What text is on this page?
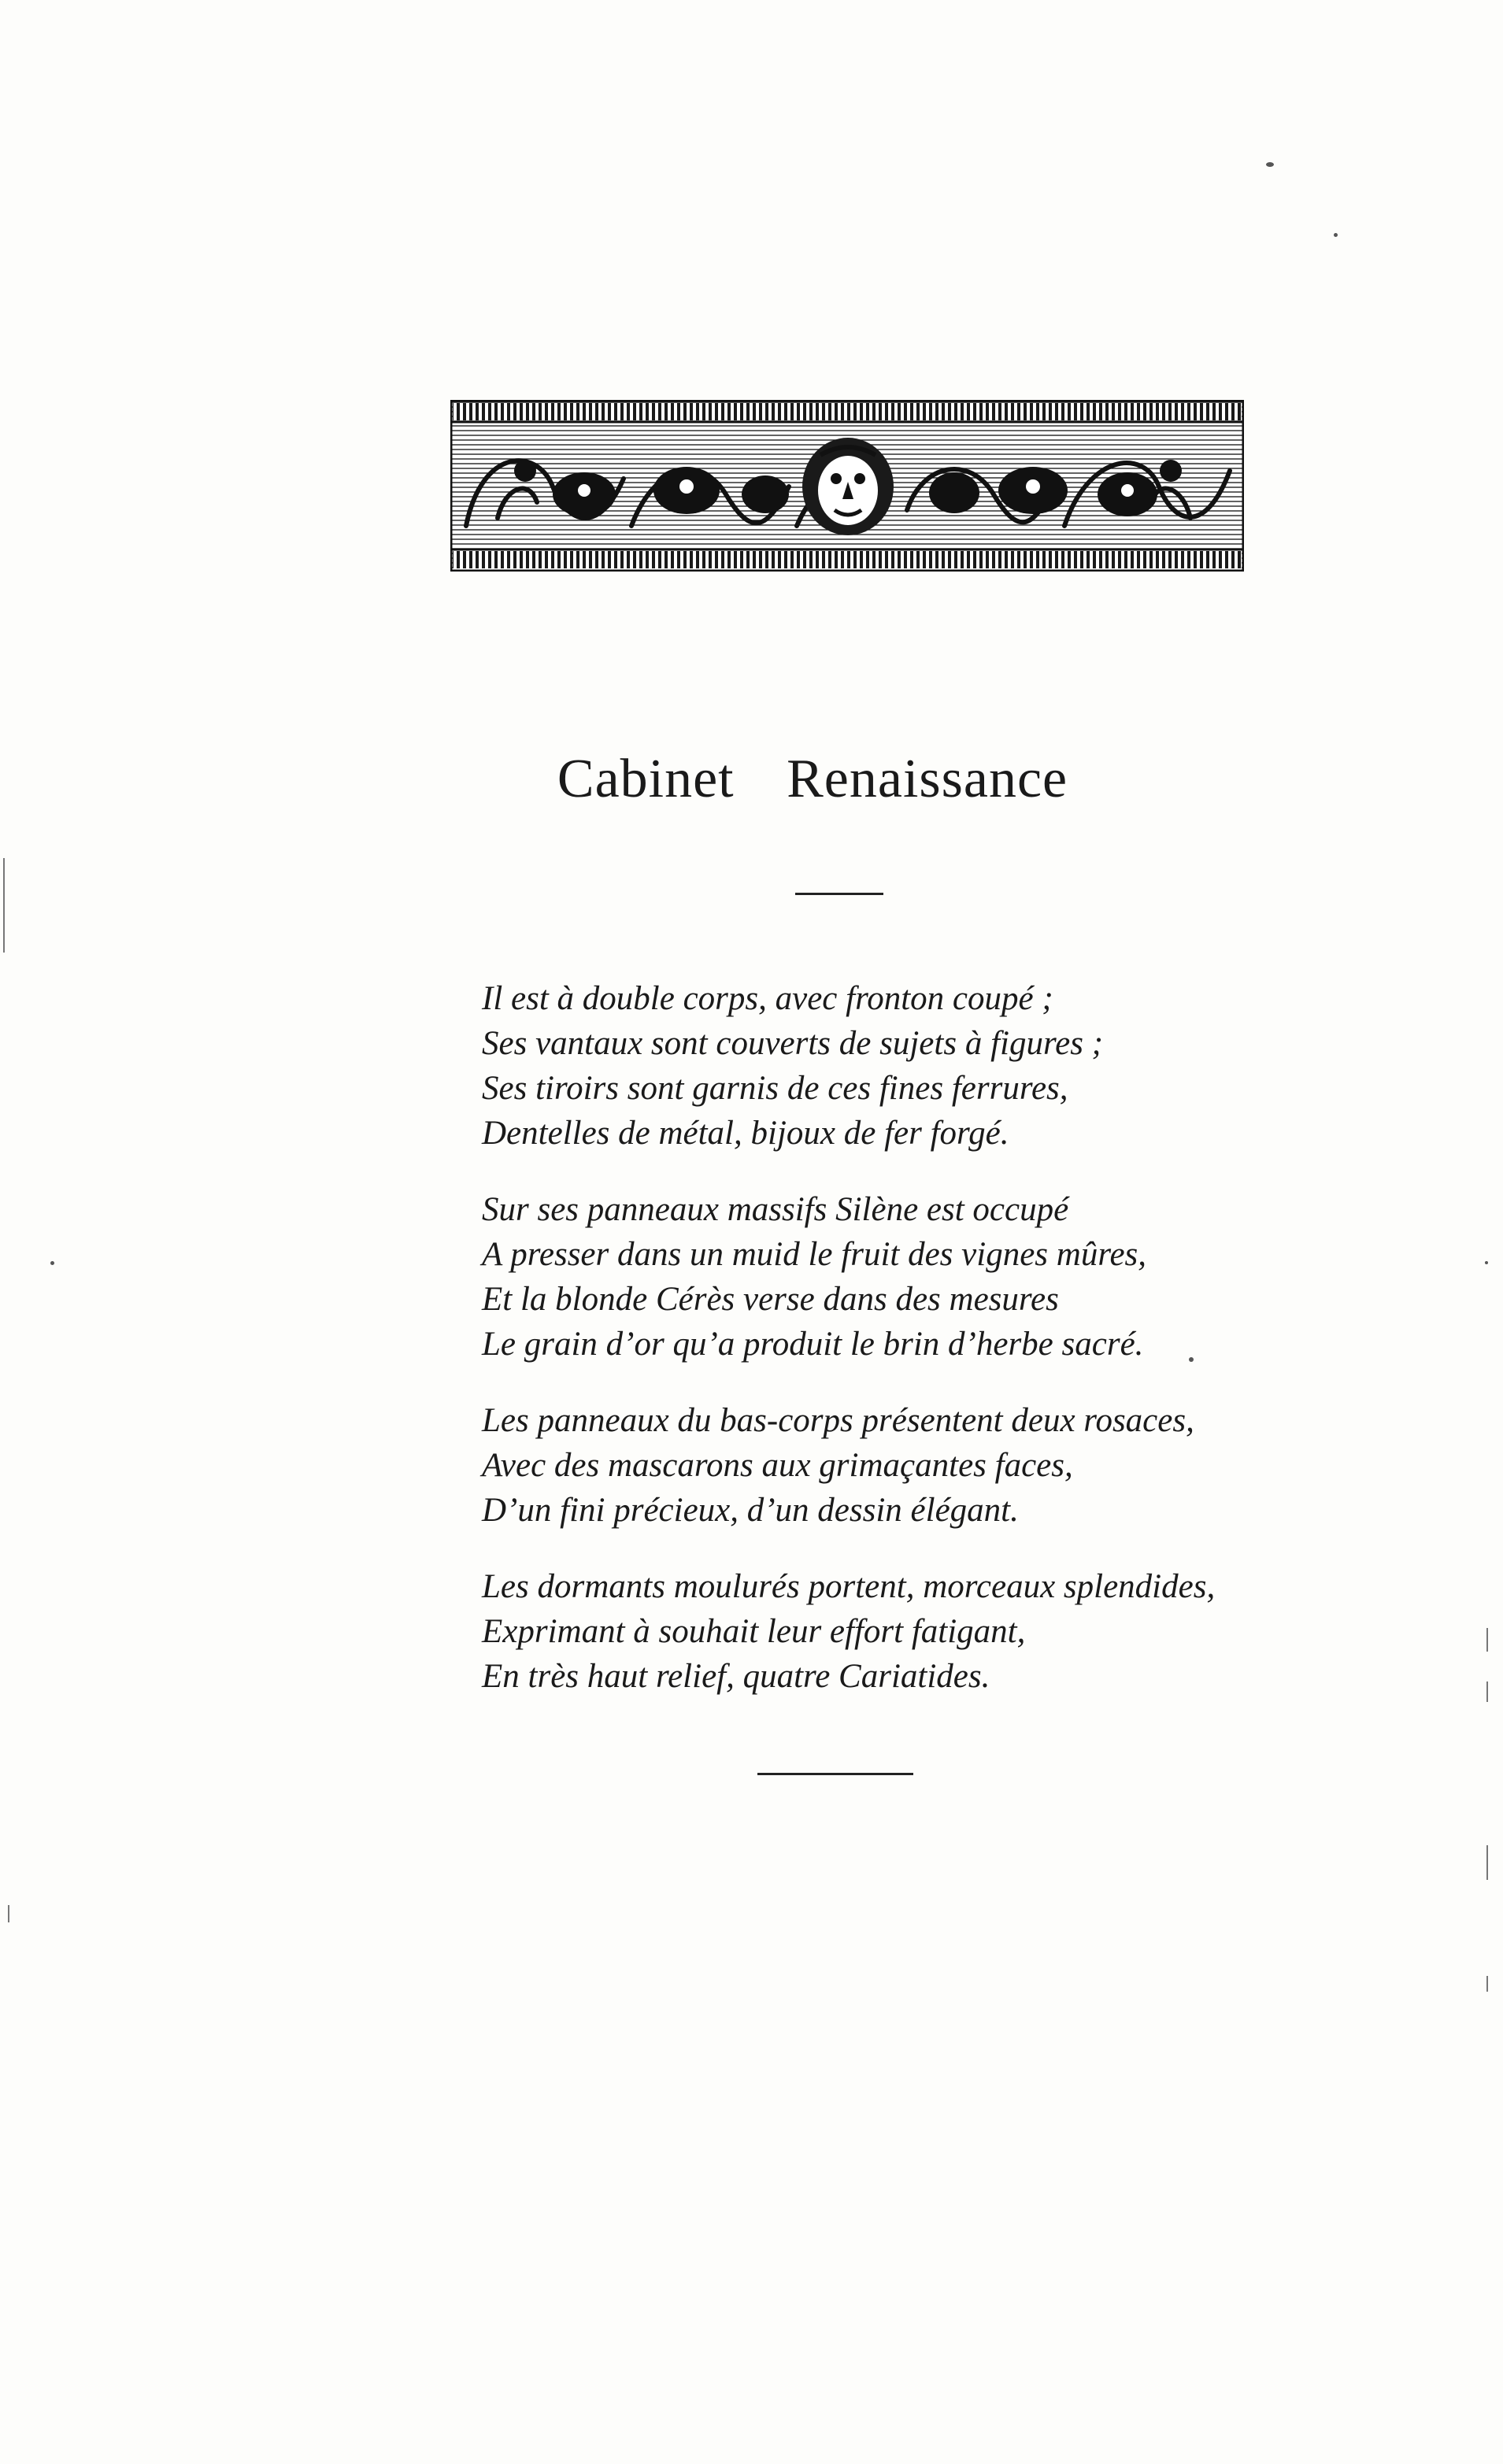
Cabinet Renaissance
Il est à double corps, avec fronton coupé ;
Ses vantaux sont couverts de sujets à figures ;
Ses tiroirs sont garnis de ces fines ferrures,
Dentelles de métal, bijoux de fer forgé.
Sur ses panneaux massifs Silène est occupé
A presser dans un muid le fruit des vignes mûres,
Et la blonde Cérès verse dans des mesures
Le grain d’or qu’a produit le brin d’herbe sacré.
Les panneaux du bas-corps présentent deux rosaces,
Avec des mascarons aux grimaçantes faces,
D’un fini précieux, d’un dessin élégant.
Les dormants moulurés portent, morceaux splendides,
Exprimant à souhait leur effort fatigant,
En très haut relief, quatre Cariatides.
